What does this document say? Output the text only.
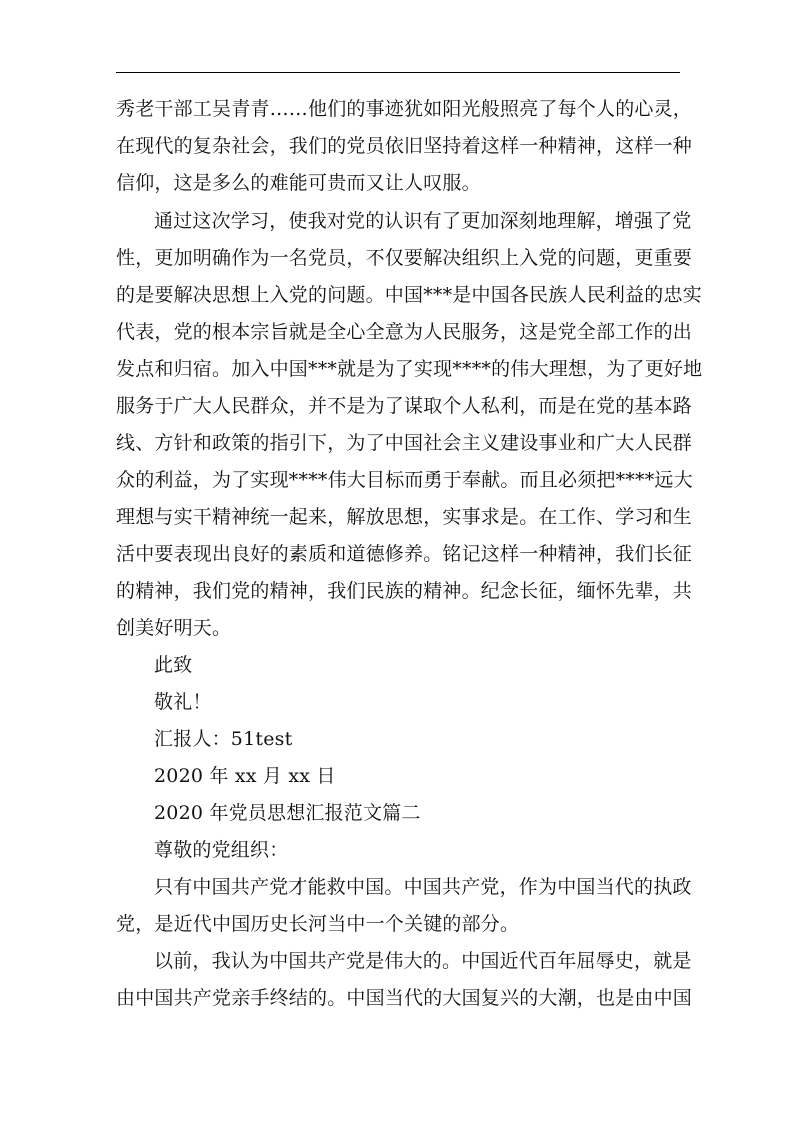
秀老干部工吴青青……他们的事迹犹如阳光般照亮了每个人的心灵，
在现代的复杂社会，我们的党员依旧坚持着这样一种精神，这样一种
信仰，这是多么的难能可贵而又让人叹服。
通过这次学习，使我对党的认识有了更加深刻地理解，增强了党
性，更加明确作为一名党员，不仅要解决组织上入党的问题，更重要
的是要解决思想上入党的问题。中国***是中国各民族人民利益的忠实
代表，党的根本宗旨就是全心全意为人民服务，这是党全部工作的出
发点和归宿。加入中国***就是为了实现****的伟大理想，为了更好地
服务于广大人民群众，并不是为了谋取个人私利，而是在党的基本路
线、方针和政策的指引下，为了中国社会主义建设事业和广大人民群
众的利益，为了实现****伟大目标而勇于奉献。而且必须把****远大
理想与实干精神统一起来，解放思想，实事求是。在工作、学习和生
活中要表现出良好的素质和道德修养。铭记这样一种精神，我们长征
的精神，我们党的精神，我们民族的精神。纪念长征，缅怀先辈，共
创美好明天。
此致
敬礼！
汇报人：51test
2020 年 xx 月 xx 日
2020 年党员思想汇报范文篇二
尊敬的党组织：
只有中国共产党才能救中国。中国共产党，作为中国当代的执政
党，是近代中国历史长河当中一个关键的部分。
以前，我认为中国共产党是伟大的。中国近代百年屈辱史，就是
由中国共产党亲手终结的。中国当代的大国复兴的大潮，也是由中国
